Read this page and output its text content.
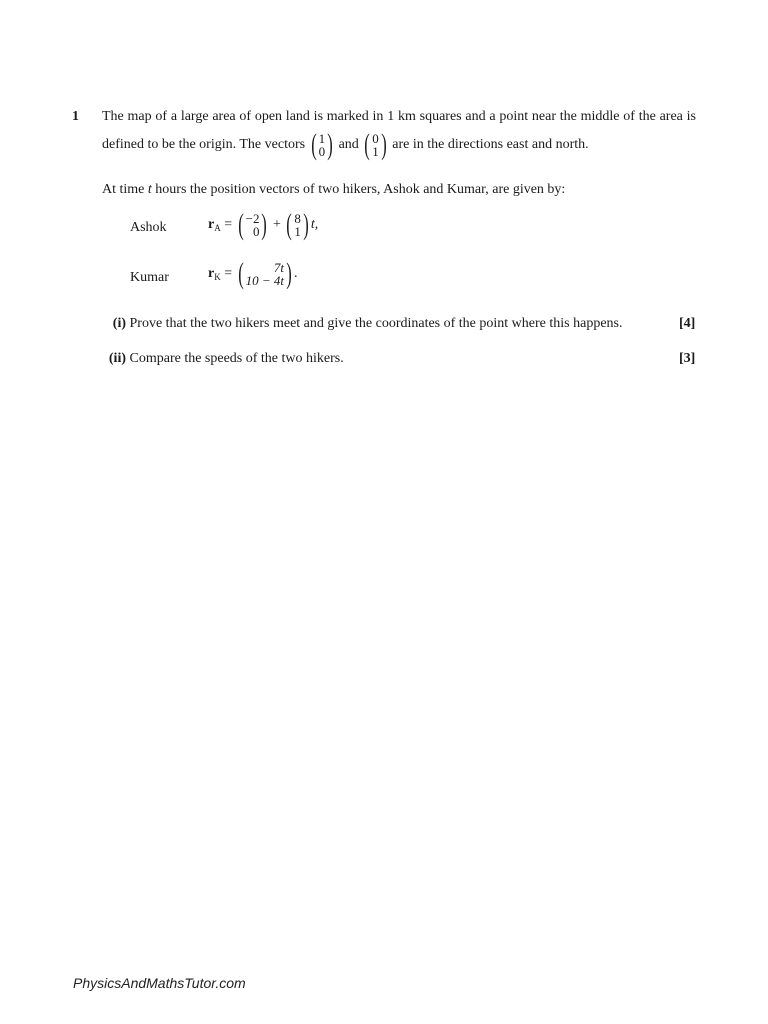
1 The map of a large area of open land is marked in 1 km squares and a point near the middle of the area is
defined to be the origin. The vectors ( 1
0 ) and ( 0
1 ) are in the directions east and north.
At time t hours the position vectors of two hikers, Ashok and Kumar, are given by:
Ashok	$r_A$ = ( −2
0 ) + ( 8
1 ) t,
Kumar	$r_K$ = ( 7t
10 − 4t ) .
(i) Prove that the two hikers meet and give the coordinates of the point where this happens.	[4]
(ii) Compare the speeds of the two hikers.	[3]
PhysicsAndMathsTutor.com
